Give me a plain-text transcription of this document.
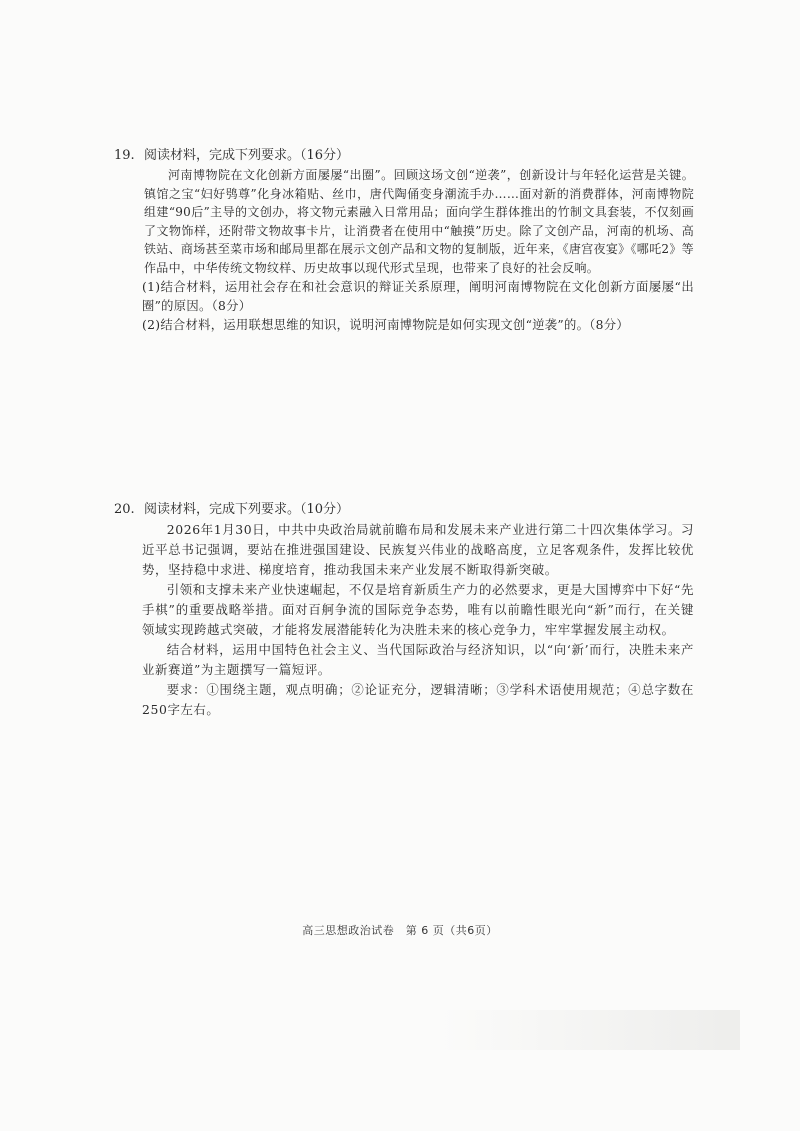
19. 阅读材料，完成下列要求。（16分）

河南博物院在文化创新方面屡屡“出圈”。回顾这场文创“逆袭”，创新设计与年轻化运营是关键。镇馆之宝“妇好鸮尊”化身冰箱贴、丝巾，唐代陶俑变身潮流手办……面对新的消费群体，河南博物院组建“90后”主导的文创办，将文物元素融入日常用品；面向学生群体推出的竹制文具套装，不仅刻画了文物饰样，还附带文物故事卡片，让消费者在使用中“触摸”历史。除了文创产品，河南的机场、高铁站、商场甚至菜市场和邮局里都在展示文创产品和文物的复制版，近年来，《唐宫夜宴》《哪吒2》等作品中，中华传统文物纹样、历史故事以现代形式呈现，也带来了良好的社会反响。

(1)结合材料，运用社会存在和社会意识的辩证关系原理，阐明河南博物院在文化创新方面屡屡“出圈”的原因。（8分）

(2)结合材料，运用联想思维的知识，说明河南博物院是如何实现文创“逆袭”的。（8分）

20. 阅读材料，完成下列要求。（10分）

2026年1月30日，中共中央政治局就前瞻布局和发展未来产业进行第二十四次集体学习。习近平总书记强调，要站在推进强国建设、民族复兴伟业的战略高度，立足客观条件，发挥比较优势，坚持稳中求进、梯度培育，推动我国未来产业发展不断取得新突破。

引领和支撑未来产业快速崛起，不仅是培育新质生产力的必然要求，更是大国博弈中下好“先手棋”的重要战略举措。面对百舸争流的国际竞争态势，唯有以前瞻性眼光向“新”而行，在关键领域实现跨越式突破，才能将发展潜能转化为决胜未来的核心竞争力，牢牢掌握发展主动权。

结合材料，运用中国特色社会主义、当代国际政治与经济知识，以“向‘新’而行，决胜未来产业新赛道”为主题撰写一篇短评。

要求：①围绕主题，观点明确；②论证充分，逻辑清晰；③学科术语使用规范；④总字数在250字左右。

高三思想政治试卷　第 6 页（共6页）
